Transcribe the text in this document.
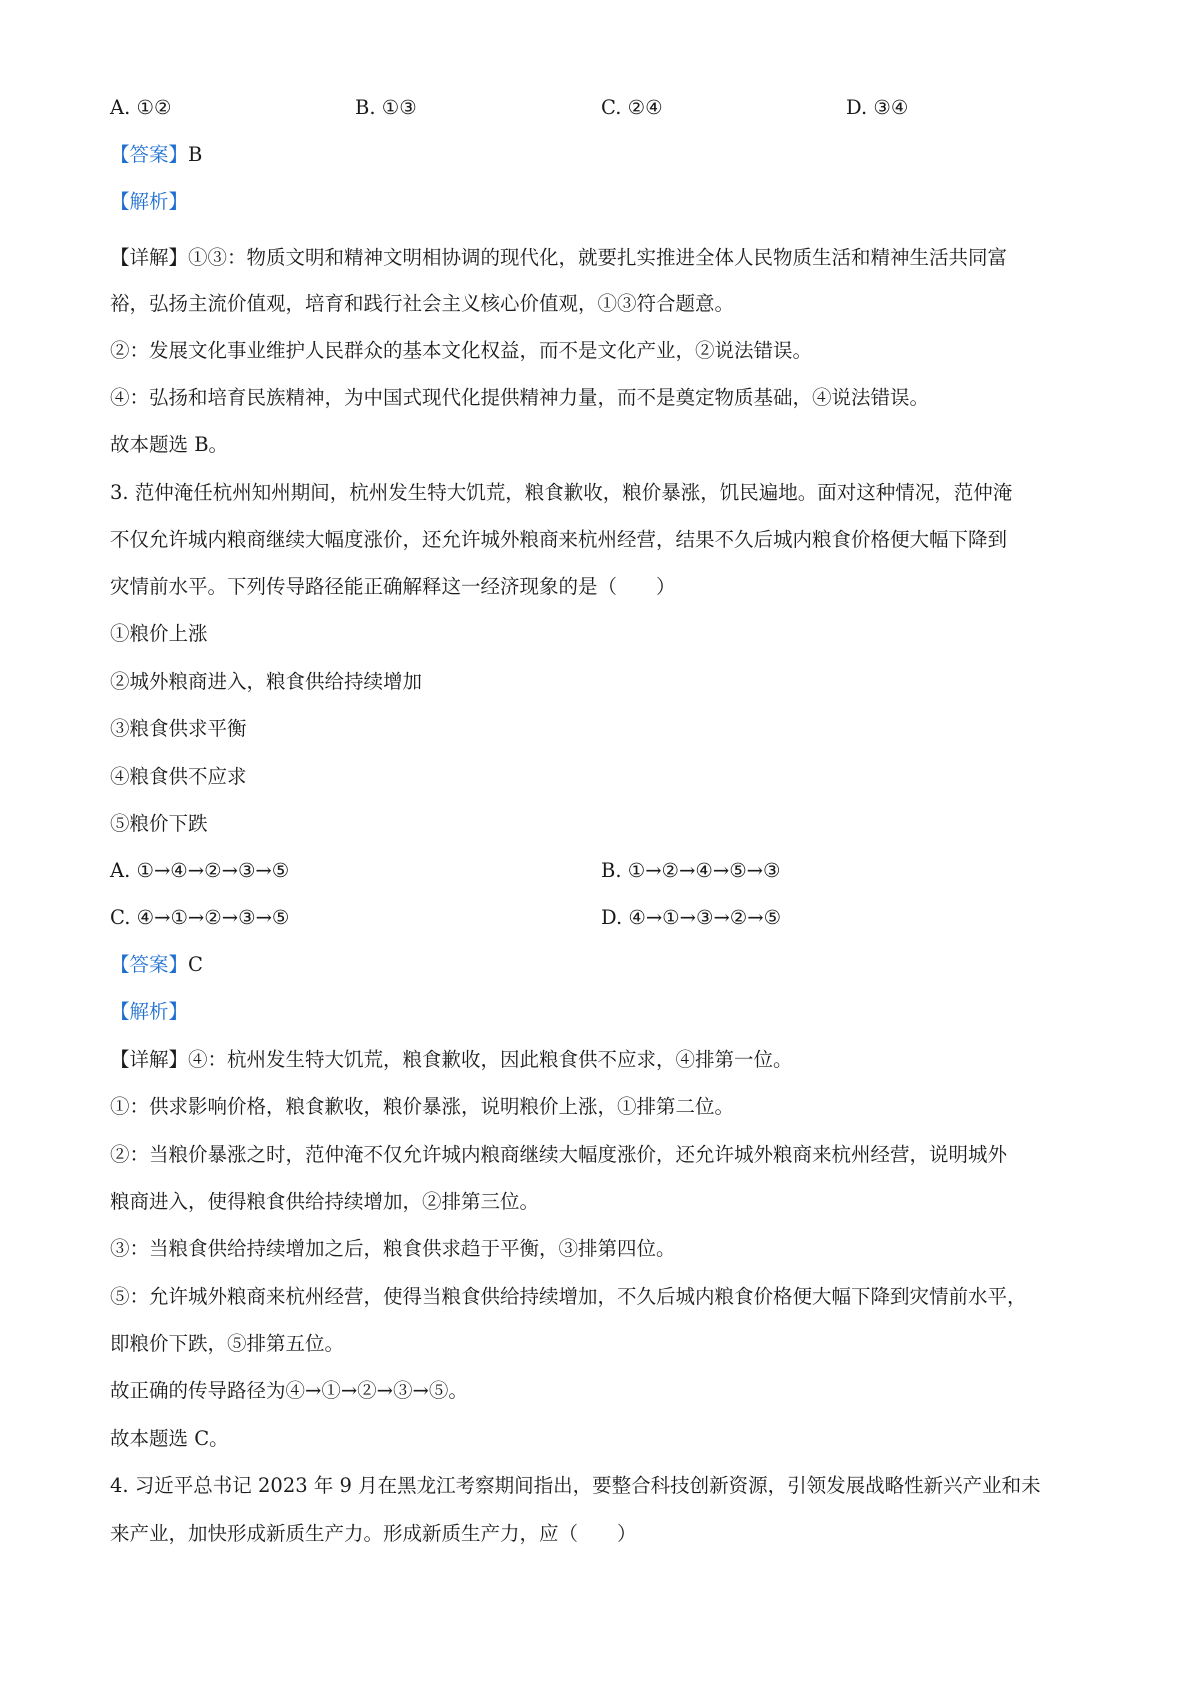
A. ①②	B. ①③	C. ②④	D. ③④
【答案】B
【解析】
【详解】①③：物质文明和精神文明相协调的现代化，就要扎实推进全体人民物质生活和精神生活共同富
裕，弘扬主流价值观，培育和践行社会主义核心价值观，①③符合题意。
②：发展文化事业维护人民群众的基本文化权益，而不是文化产业，②说法错误。
④：弘扬和培育民族精神，为中国式现代化提供精神力量，而不是奠定物质基础，④说法错误。
故本题选 B。
3. 范仲淹任杭州知州期间，杭州发生特大饥荒，粮食歉收，粮价暴涨，饥民遍地。面对这种情况，范仲淹
不仅允许城内粮商继续大幅度涨价，还允许城外粮商来杭州经营，结果不久后城内粮食价格便大幅下降到
灾情前水平。下列传导路径能正确解释这一经济现象的是（　　）
①粮价上涨
②城外粮商进入，粮食供给持续增加
③粮食供求平衡
④粮食供不应求
⑤粮价下跌
A. ①→④→②→③→⑤	B. ①→②→④→⑤→③
C. ④→①→②→③→⑤	D. ④→①→③→②→⑤
【答案】C
【解析】
【详解】④：杭州发生特大饥荒，粮食歉收，因此粮食供不应求，④排第一位。
①：供求影响价格，粮食歉收，粮价暴涨，说明粮价上涨，①排第二位。
②：当粮价暴涨之时，范仲淹不仅允许城内粮商继续大幅度涨价，还允许城外粮商来杭州经营，说明城外
粮商进入，使得粮食供给持续增加，②排第三位。
③：当粮食供给持续增加之后，粮食供求趋于平衡，③排第四位。
⑤：允许城外粮商来杭州经营，使得当粮食供给持续增加，不久后城内粮食价格便大幅下降到灾情前水平，
即粮价下跌，⑤排第五位。
故正确的传导路径为④→①→②→③→⑤。
故本题选 C。
4. 习近平总书记 2023 年 9 月在黑龙江考察期间指出，要整合科技创新资源，引领发展战略性新兴产业和未
来产业，加快形成新质生产力。形成新质生产力，应（　　）
